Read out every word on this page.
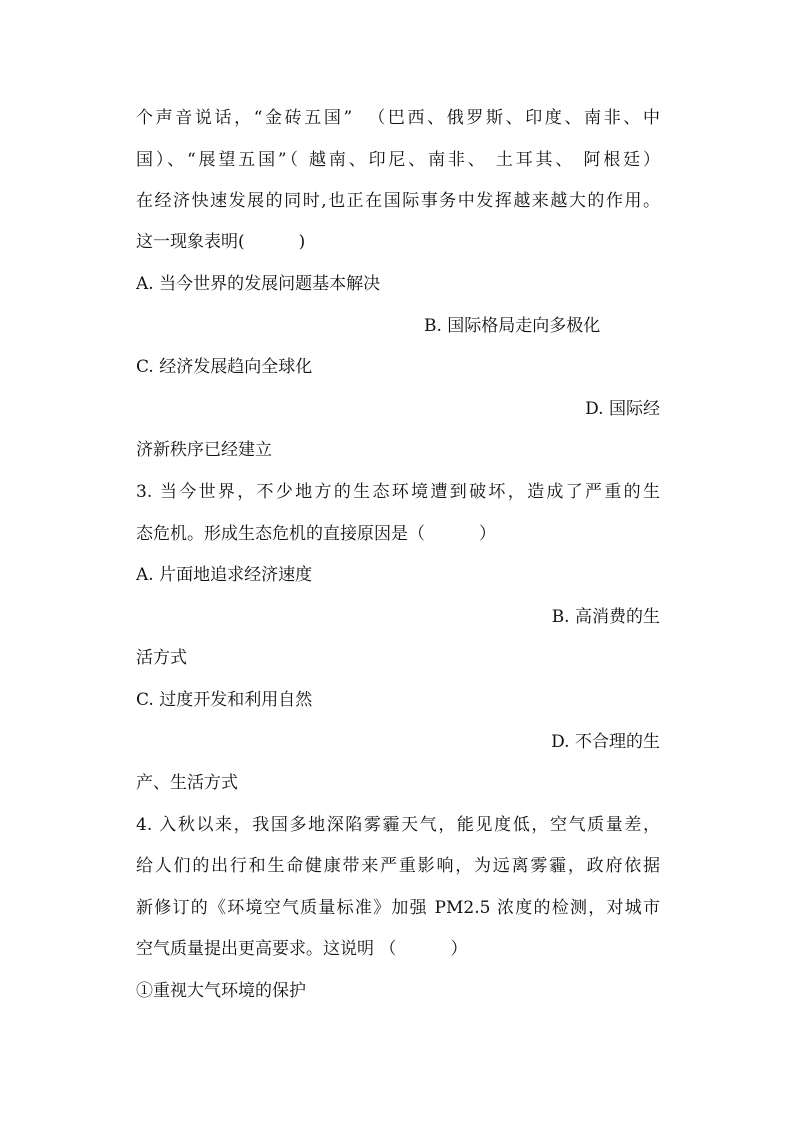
个声音说话，“金砖五国”  （巴西、俄罗斯、印度、南非、中
国）、“展望五国”（ 越南、印尼、南非、 土耳其、 阿根廷）
在经济快速发展的同时,也正在国际事务中发挥越来越大的作用。
这一现象表明(          )
A. 当今世界的发展问题基本解决
B. 国际格局走向多极化
C. 经济发展趋向全球化
D. 国际经
济新秩序已经建立
3. 当今世界，不少地方的生态环境遭到破坏，造成了严重的生
态危机。形成生态危机的直接原因是（          ）
A. 片面地追求经济速度
B. 高消费的生
活方式
C. 过度开发和利用自然
D. 不合理的生
产、生活方式
4. 入秋以来，我国多地深陷雾霾天气，能见度低，空气质量差，
给人们的出行和生命健康带来严重影响，为远离雾霾，政府依据
新修订的《环境空气质量标准》加强 PM2.5 浓度的检测，对城市
空气质量提出更高要求。这说明 （          ）
①重视大气环境的保护
